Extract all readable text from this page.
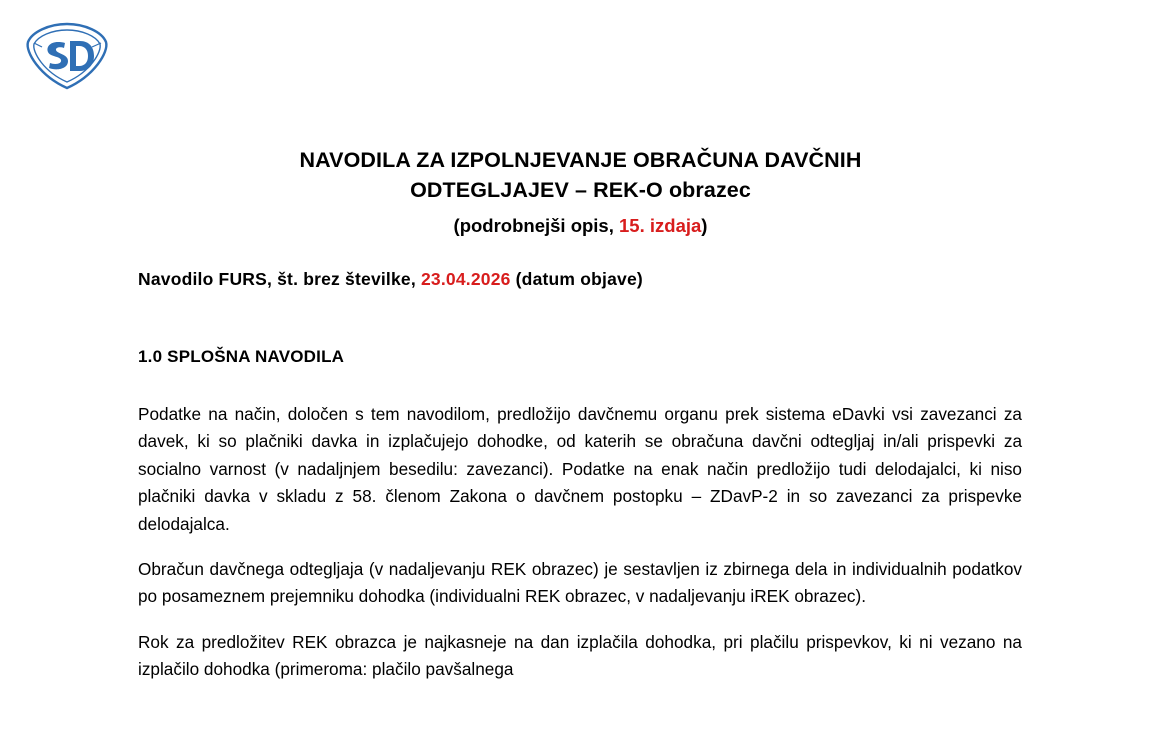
NAVODILA ZA IZPOLNJEVANJE OBRAČUNA DAVČNIH
ODTEGLJAJEV – REK-O obrazec
(podrobnejši opis, 15. izdaja)
Navodilo FURS, št. brez številke, 23.04.2026 (datum objave)
1.0 SPLOŠNA NAVODILA

Podatke na način, določen s tem navodilom, predložijo davčnemu organu prek sistema eDavki vsi zavezanci za davek, ki so plačniki davka in izplačujejo dohodke, od katerih se obračuna davčni odtegljaj in/ali prispevki za socialno varnost (v nadaljnjem besedilu: zavezanci). Podatke na enak način predložijo tudi delodajalci, ki niso plačniki davka v skladu z 58. členom Zakona o davčnem postopku – ZDavP-2 in so zavezanci za prispevke delodajalca.

Obračun davčnega odtegljaja (v nadaljevanju REK obrazec) je sestavljen iz zbirnega dela in individualnih podatkov po posameznem prejemniku dohodka (individualni REK obrazec, v nadaljevanju iREK obrazec).

Rok za predložitev REK obrazca je najkasneje na dan izplačila dohodka, pri plačilu prispevkov, ki ni vezano na izplačilo dohodka (primeroma: plačilo pavšalnega
